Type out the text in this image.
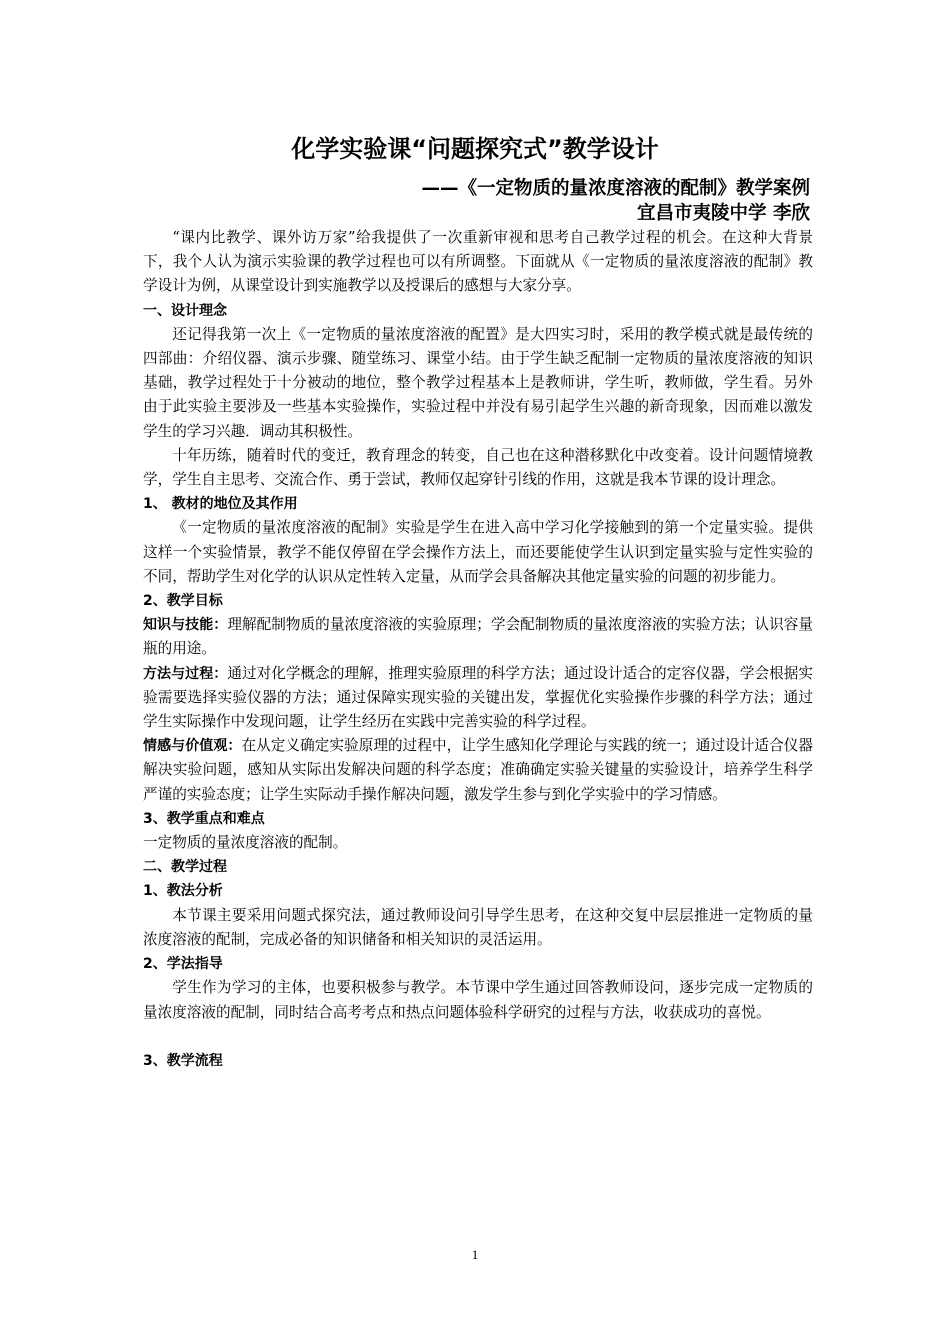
化学实验课“问题探究式”教学设计
——《一定物质的量浓度溶液的配制》教学案例
宜昌市夷陵中学 李欣

“课内比教学、课外访万家”给我提供了一次重新审视和思考自己教学过程的机会。在这种大背景下，我个人认为演示实验课的教学过程也可以有所调整。下面就从《一定物质的量浓度溶液的配制》教学设计为例，从课堂设计到实施教学以及授课后的感想与大家分享。

一、设计理念

还记得我第一次上《一定物质的量浓度溶液的配置》是大四实习时，采用的教学模式就是最传统的四部曲：介绍仪器、演示步骤、随堂练习、课堂小结。由于学生缺乏配制一定物质的量浓度溶液的知识基础，教学过程处于十分被动的地位，整个教学过程基本上是教师讲，学生听，教师做，学生看。另外由于此实验主要涉及一些基本实验操作，实验过程中并没有易引起学生兴趣的新奇现象，因而难以激发学生的学习兴趣．调动其积极性。

十年历练，随着时代的变迁，教育理念的转变，自己也在这种潜移默化中改变着。设计问题情境教学，学生自主思考、交流合作、勇于尝试，教师仅起穿针引线的作用，这就是我本节课的设计理念。

1、 教材的地位及其作用

《一定物质的量浓度溶液的配制》实验是学生在进入高中学习化学接触到的第一个定量实验。提供这样一个实验情景，教学不能仅停留在学会操作方法上，而还要能使学生认识到定量实验与定性实验的不同，帮助学生对化学的认识从定性转入定量，从而学会具备解决其他定量实验的问题的初步能力。

2、教学目标

知识与技能：理解配制物质的量浓度溶液的实验原理；学会配制物质的量浓度溶液的实验方法；认识容量瓶的用途。

方法与过程：通过对化学概念的理解，推理实验原理的科学方法；通过设计适合的定容仪器，学会根据实验需要选择实验仪器的方法；通过保障实现实验的关键出发，掌握优化实验操作步骤的科学方法；通过学生实际操作中发现问题，让学生经历在实践中完善实验的科学过程。

情感与价值观：在从定义确定实验原理的过程中，让学生感知化学理论与实践的统一；通过设计适合仪器解决实验问题，感知从实际出发解决问题的科学态度；准确确定实验关键量的实验设计，培养学生科学严谨的实验态度；让学生实际动手操作解决问题，激发学生参与到化学实验中的学习情感。

3、教学重点和难点

一定物质的量浓度溶液的配制。

二、教学过程

1、教法分析

本节课主要采用问题式探究法，通过教师设问引导学生思考，在这种交复中层层推进一定物质的量浓度溶液的配制，完成必备的知识储备和相关知识的灵活运用。

2、学法指导

学生作为学习的主体，也要积极参与教学。本节课中学生通过回答教师设问，逐步完成一定物质的量浓度溶液的配制，同时结合高考考点和热点问题体验科学研究的过程与方法，收获成功的喜悦。

3、教学流程

1
